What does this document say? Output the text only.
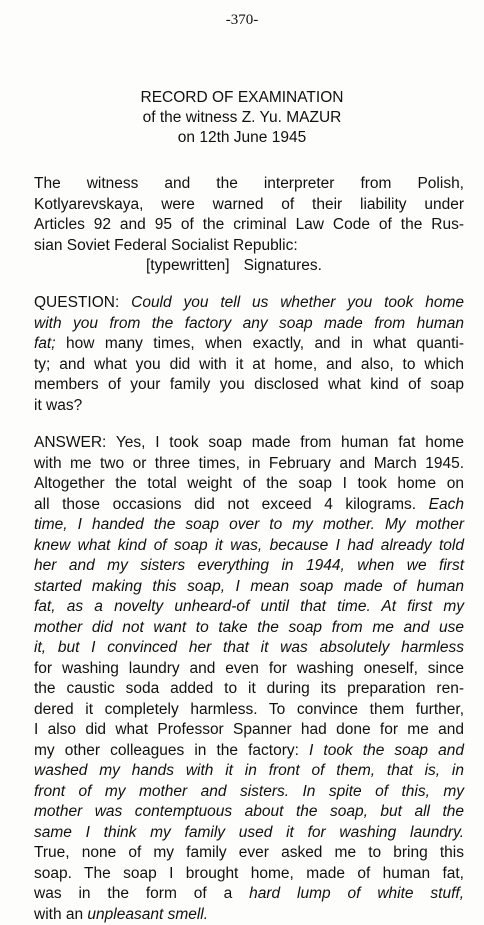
-370-
RECORD OF EXAMINATION
of the witness Z. Yu. MAZUR
on 12th June 1945
The witness and the interpreter from Polish,
Kotlyarevskaya, were warned of their liability under
Articles 92 and 95 of the criminal Law Code of the Rus-
sian Soviet Federal Socialist Republic:
[typewritten] Signatures.
QUESTION: Could you tell us whether you took home
with you from the factory any soap made from human
fat; how many times, when exactly, and in what quanti-
ty; and what you did with it at home, and also, to which
members of your family you disclosed what kind of soap
it was?
ANSWER: Yes, I took soap made from human fat home
with me two or three times, in February and March 1945.
Altogether the total weight of the soap I took home on
all those occasions did not exceed 4 kilograms. Each
time, I handed the soap over to my mother. My mother
knew what kind of soap it was, because I had already told
her and my sisters everything in 1944, when we first
started making this soap, I mean soap made of human
fat, as a novelty unheard-of until that time. At first my
mother did not want to take the soap from me and use
it, but I convinced her that it was absolutely harmless
for washing laundry and even for washing oneself, since
the caustic soda added to it during its preparation ren-
dered it completely harmless. To convince them further,
I also did what Professor Spanner had done for me and
my other colleagues in the factory: I took the soap and
washed my hands with it in front of them, that is, in
front of my mother and sisters. In spite of this, my
mother was contemptuous about the soap, but all the
same I think my family used it for washing laundry.
True, none of my family ever asked me to bring this
soap. The soap I brought home, made of human fat,
was in the form of a hard lump of white stuff,
with an unpleasant smell.
